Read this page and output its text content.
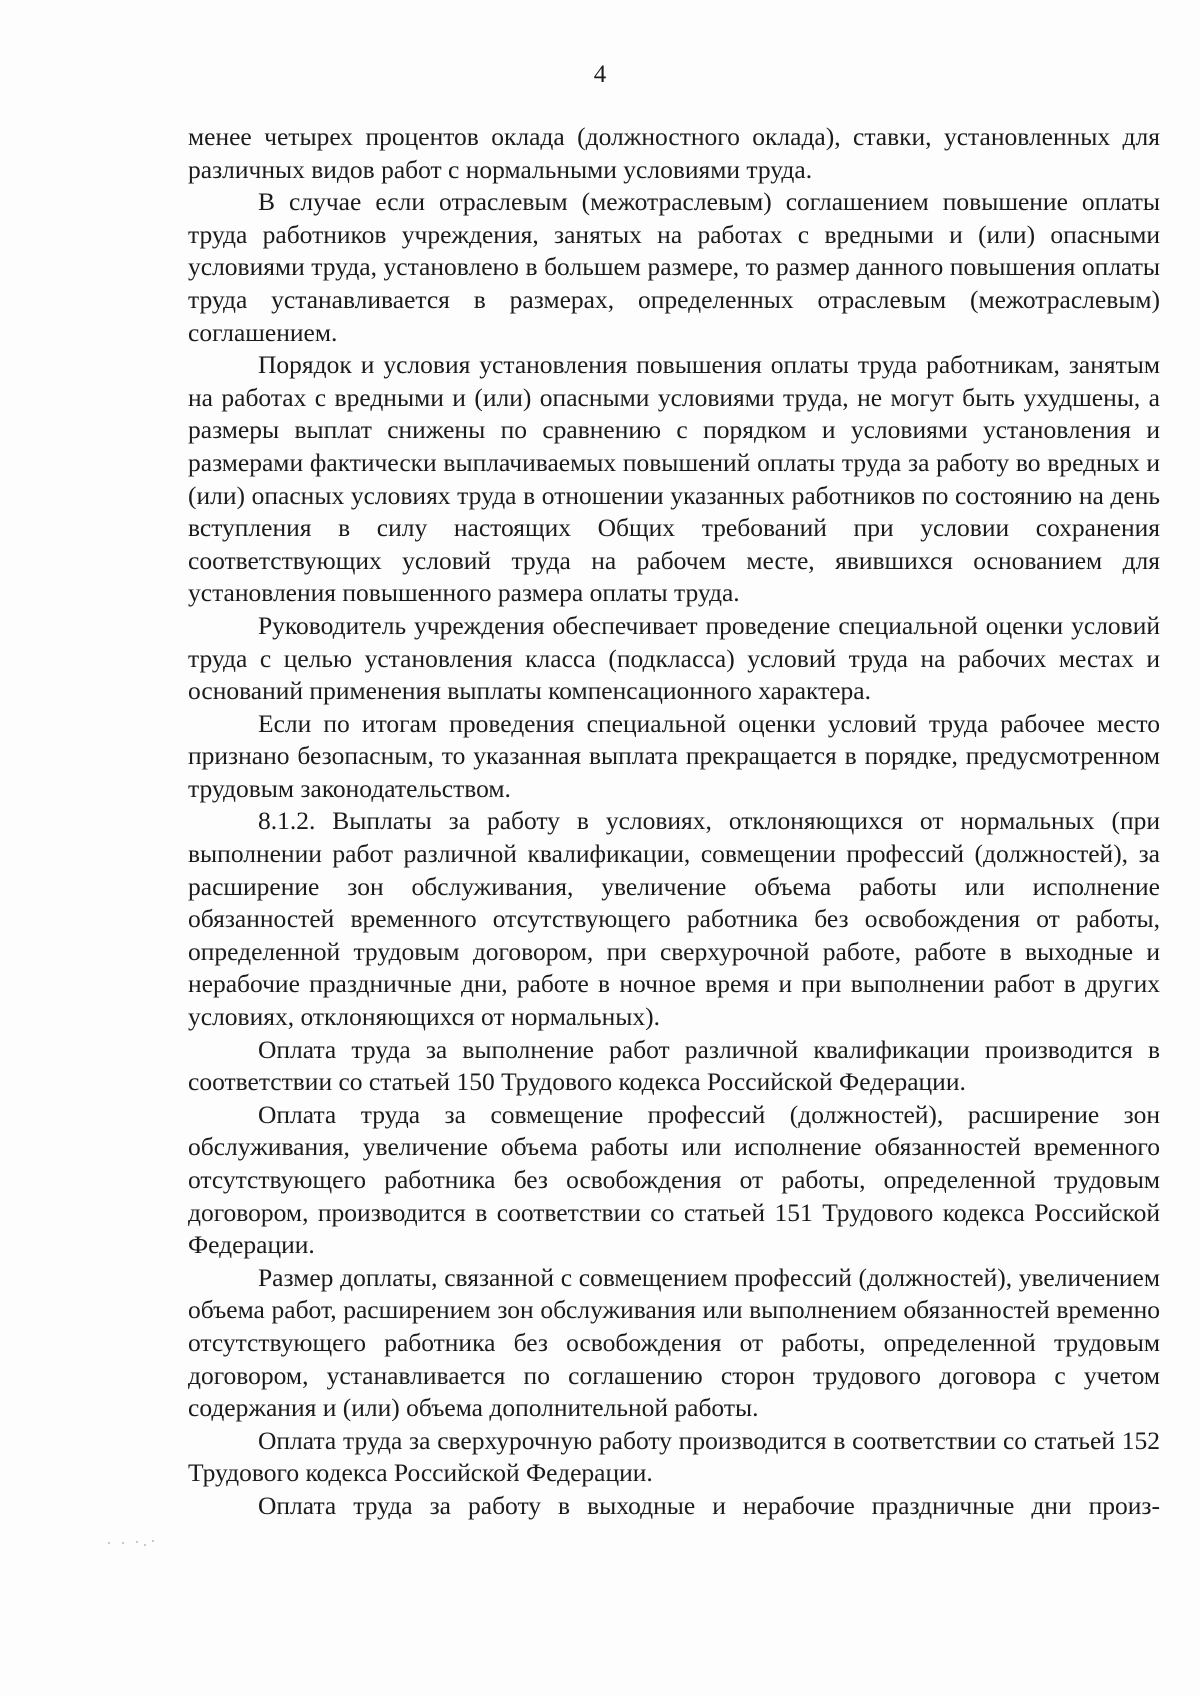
4

менее четырех процентов оклада (должностного оклада), ставки, установленных для различных видов работ с нормальными условиями труда.

В случае если отраслевым (межотраслевым) соглашением повышение оплаты труда работников учреждения, занятых на работах с вредными и (или) опасными условиями труда, установлено в большем размере, то размер данного повышения оплаты труда устанавливается в размерах, определенных отраслевым (межотраслевым) соглашением.

Порядок и условия установления повышения оплаты труда работникам, занятым на работах с вредными и (или) опасными условиями труда, не могут быть ухудшены, а размеры выплат снижены по сравнению с порядком и условиями установления и размерами фактически выплачиваемых повышений оплаты труда за работу во вредных и (или) опасных условиях труда в отношении указанных работников по состоянию на день вступления в силу настоящих Общих требований при условии сохранения соответствующих условий труда на рабочем месте, явившихся основанием для установления повышенного размера оплаты труда.

Руководитель учреждения обеспечивает проведение специальной оценки условий труда с целью установления класса (подкласса) условий труда на рабочих местах и оснований применения выплаты компенсационного характера.

Если по итогам проведения специальной оценки условий труда рабочее место признано безопасным, то указанная выплата прекращается в порядке, предусмотренном трудовым законодательством.

8.1.2. Выплаты за работу в условиях, отклоняющихся от нормальных (при выполнении работ различной квалификации, совмещении профессий (должностей), за расширение зон обслуживания, увеличение объема работы или исполнение обязанностей временного отсутствующего работника без освобождения от работы, определенной трудовым договором, при сверхурочной работе, работе в выходные и нерабочие праздничные дни, работе в ночное время и при выполнении работ в других условиях, отклоняющихся от нормальных).

Оплата труда за выполнение работ различной квалификации производится в соответствии со статьей 150 Трудового кодекса Российской Федерации.

Оплата труда за совмещение профессий (должностей), расширение зон обслуживания, увеличение объема работы или исполнение обязанностей временного отсутствующего работника без освобождения от работы, определенной трудовым договором, производится в соответствии со статьей 151 Трудового кодекса Российской Федерации.

Размер доплаты, связанной с совмещением профессий (должностей), увеличением объема работ, расширением зон обслуживания или выполнением обязанностей временно отсутствующего работника без освобождения от работы, определенной трудовым договором, устанавливается по соглашению сторон трудового договора с учетом содержания и (или) объема дополнительной работы.

Оплата труда за сверхурочную работу производится в соответствии со статьей 152 Трудового кодекса Российской Федерации.

Оплата труда за работу в выходные и нерабочие праздничные дни произ-
